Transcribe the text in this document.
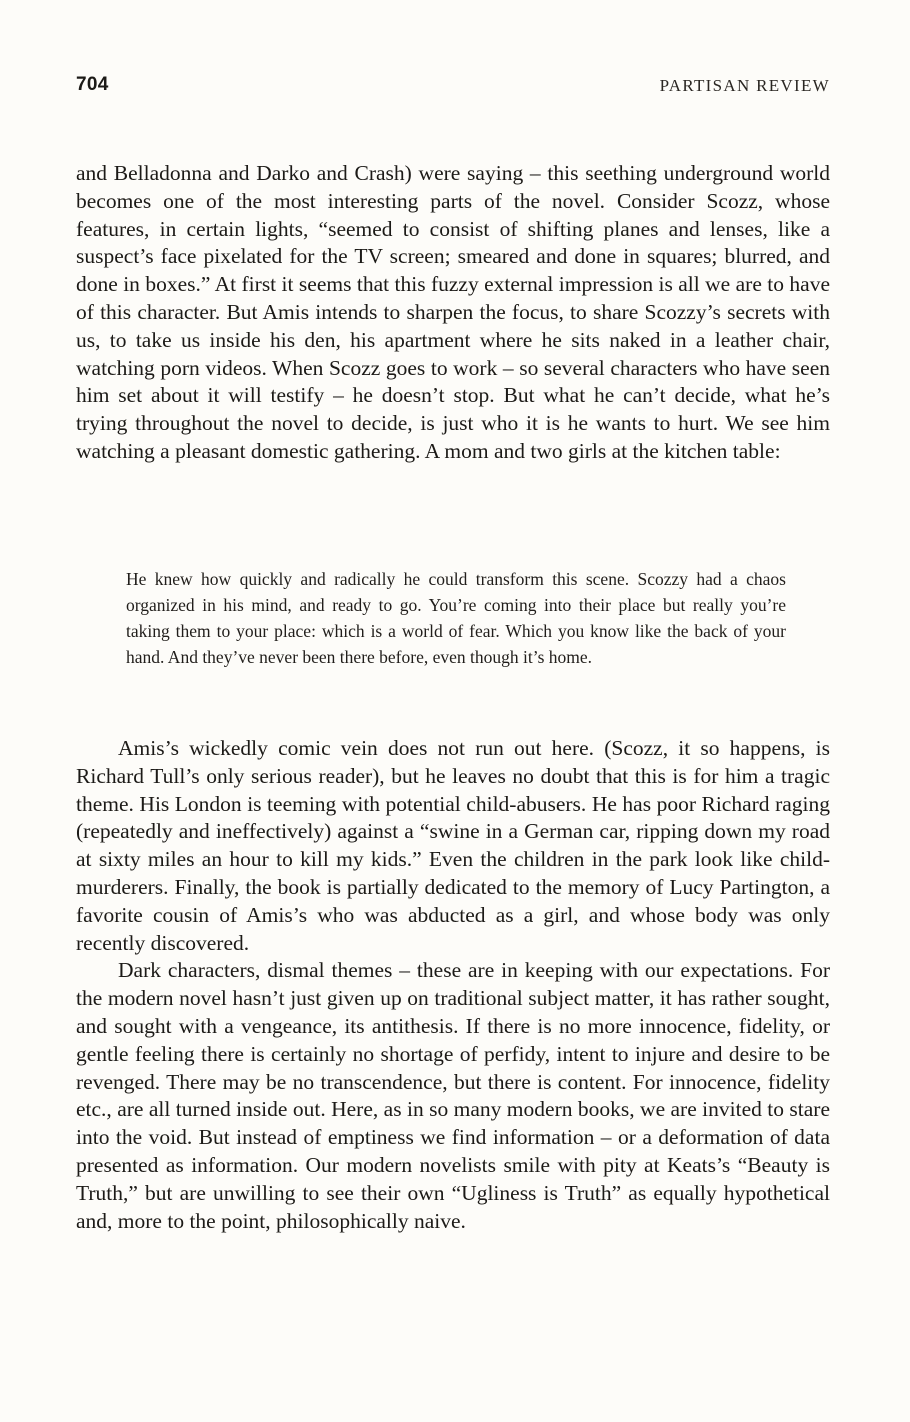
704	PARTISAN REVIEW

and Belladonna and Darko and Crash) were saying – this seething underground world becomes one of the most interesting parts of the novel. Consider Scozz, whose features, in certain lights, “seemed to consist of shifting planes and lenses, like a suspect’s face pixelated for the TV screen; smeared and done in squares; blurred, and done in boxes.” At first it seems that this fuzzy external impression is all we are to have of this character. But Amis intends to sharpen the focus, to share Scozzy’s secrets with us, to take us inside his den, his apartment where he sits naked in a leather chair, watching porn videos. When Scozz goes to work – so several characters who have seen him set about it will testify – he doesn’t stop. But what he can’t decide, what he’s trying throughout the novel to decide, is just who it is he wants to hurt. We see him watching a pleasant domestic gathering. A mom and two girls at the kitchen table:

He knew how quickly and radically he could transform this scene. Scozzy had a chaos organized in his mind, and ready to go. You’re coming into their place but really you’re taking them to your place: which is a world of fear. Which you know like the back of your hand. And they’ve never been there before, even though it’s home.

Amis’s wickedly comic vein does not run out here. (Scozz, it so happens, is Richard Tull’s only serious reader), but he leaves no doubt that this is for him a tragic theme. His London is teeming with potential child-abusers. He has poor Richard raging (repeatedly and ineffectively) against a “swine in a German car, ripping down my road at sixty miles an hour to kill my kids.” Even the children in the park look like child-murderers. Finally, the book is partially dedicated to the memory of Lucy Partington, a favorite cousin of Amis’s who was abducted as a girl, and whose body was only recently discovered.

Dark characters, dismal themes – these are in keeping with our expectations. For the modern novel hasn’t just given up on traditional subject matter, it has rather sought, and sought with a vengeance, its antithesis. If there is no more innocence, fidelity, or gentle feeling there is certainly no shortage of perfidy, intent to injure and desire to be revenged. There may be no transcendence, but there is content. For innocence, fidelity etc., are all turned inside out. Here, as in so many modern books, we are invited to stare into the void. But instead of emptiness we find information – or a deformation of data presented as information. Our modern novelists smile with pity at Keats’s “Beauty is Truth,” but are unwilling to see their own “Ugliness is Truth” as equally hypothetical and, more to the point, philosophically naive.
